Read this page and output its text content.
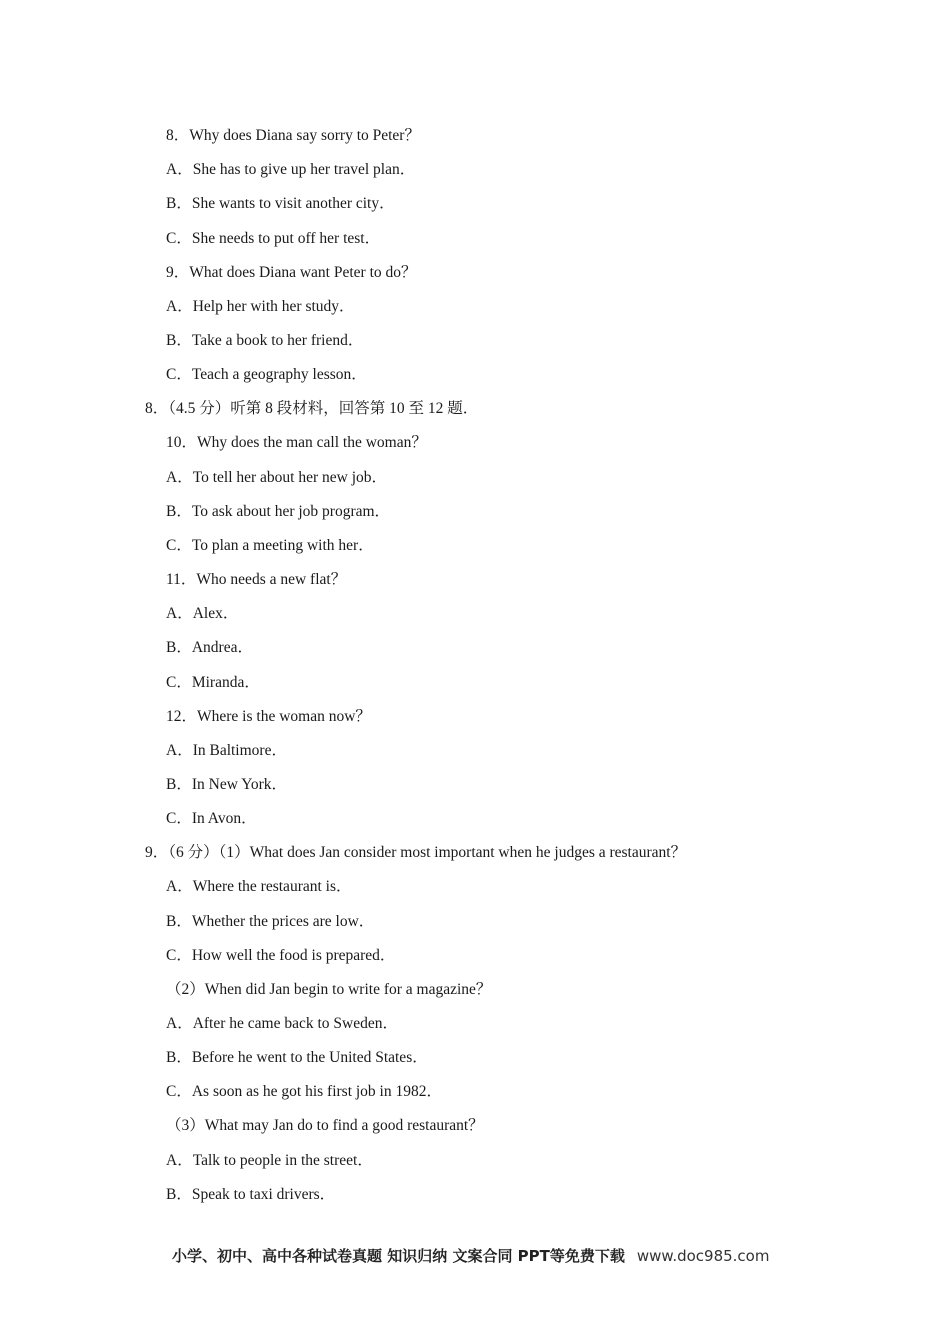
8．Why does Diana say sorry to Peter？
A．She has to give up her travel plan．
B．She wants to visit another city．
C．She needs to put off her test．
9．What does Diana want Peter to do？
A．Help her with her study．
B．Take a book to her friend．
C．Teach a geography lesson．
8．（4.5 分）听第 8 段材料，回答第 10 至 12 题．
10．Why does the man call the woman？
A．To tell her about her new job．
B．To ask about her job program．
C．To plan a meeting with her．
11．Who needs a new flat？
A．Alex．
B．Andrea．
C．Miranda．
12．Where is the woman now？
A．In Baltimore．
B．In New York．
C．In Avon．
9．（6 分）（1）What does Jan consider most important when he judges a restaurant？
A．Where the restaurant is．
B．Whether the prices are low．
C．How well the food is prepared．
（2）When did Jan begin to write for a magazine？
A．After he came back to Sweden．
B．Before he went to the United States．
C．As soon as he got his first job in 1982．
（3）What may Jan do to find a good restaurant？
A．Talk to people in the street．
B．Speak to taxi drivers．
小学、初中、高中各种试卷真题 知识归纳 文案合同 PPT等免费下载 www.doc985.com
